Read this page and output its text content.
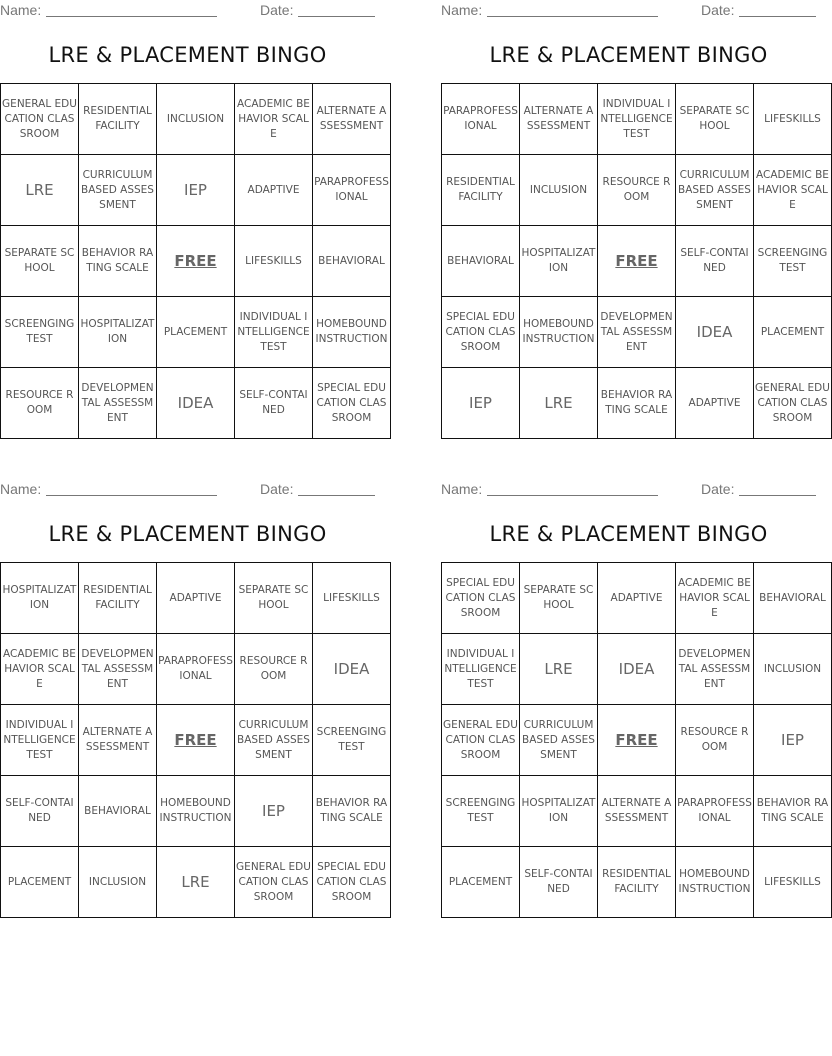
Name:	Date:
LRE & PLACEMENT BINGO
GENERAL EDUCATION CLASSROOM	RESIDENTIAL FACILITY	INCLUSION	ACADEMIC BEHAVIOR SCALE	ALTERNATE ASSESSMENT
LRE	CURRICULUM BASED ASSESSMENT	IEP	ADAPTIVE	PARAPROFESSIONAL
SEPARATE SCHOOL	BEHAVIOR RATING SCALE	FREE	LIFESKILLS	BEHAVIORAL
SCREENGING TEST	HOSPITALIZATION	PLACEMENT	INDIVIDUAL INTELLIGENCE TEST	HOMEBOUND INSTRUCTION
RESOURCE ROOM	DEVELOPMENTAL ASSESSMENT	IDEA	SELF-CONTAINED	SPECIAL EDUCATION CLASSROOM
Name:	Date:
LRE & PLACEMENT BINGO
PARAPROFESSIONAL	ALTERNATE ASSESSMENT	INDIVIDUAL INTELLIGENCE TEST	SEPARATE SCHOOL	LIFESKILLS
RESIDENTIAL FACILITY	INCLUSION	RESOURCE ROOM	CURRICULUM BASED ASSESSMENT	ACADEMIC BEHAVIOR SCALE
BEHAVIORAL	HOSPITALIZATION	FREE	SELF-CONTAINED	SCREENGING TEST
SPECIAL EDUCATION CLASSROOM	HOMEBOUND INSTRUCTION	DEVELOPMENTAL ASSESSMENT	IDEA	PLACEMENT
IEP	LRE	BEHAVIOR RATING SCALE	ADAPTIVE	GENERAL EDUCATION CLASSROOM
Name:	Date:
LRE & PLACEMENT BINGO
HOSPITALIZATION	RESIDENTIAL FACILITY	ADAPTIVE	SEPARATE SCHOOL	LIFESKILLS
ACADEMIC BEHAVIOR SCALE	DEVELOPMENTAL ASSESSMENT	PARAPROFESSIONAL	RESOURCE ROOM	IDEA
INDIVIDUAL INTELLIGENCE TEST	ALTERNATE ASSESSMENT	FREE	CURRICULUM BASED ASSESSMENT	SCREENGING TEST
SELF-CONTAINED	BEHAVIORAL	HOMEBOUND INSTRUCTION	IEP	BEHAVIOR RATING SCALE
PLACEMENT	INCLUSION	LRE	GENERAL EDUCATION CLASSROOM	SPECIAL EDUCATION CLASSROOM
Name:	Date:
LRE & PLACEMENT BINGO
SPECIAL EDUCATION CLASSROOM	SEPARATE SCHOOL	ADAPTIVE	ACADEMIC BEHAVIOR SCALE	BEHAVIORAL
INDIVIDUAL INTELLIGENCE TEST	LRE	IDEA	DEVELOPMENTAL ASSESSMENT	INCLUSION
GENERAL EDUCATION CLASSROOM	CURRICULUM BASED ASSESSMENT	FREE	RESOURCE ROOM	IEP
SCREENGING TEST	HOSPITALIZATION	ALTERNATE ASSESSMENT	PARAPROFESSIONAL	BEHAVIOR RATING SCALE
PLACEMENT	SELF-CONTAINED	RESIDENTIAL FACILITY	HOMEBOUND INSTRUCTION	LIFESKILLS
